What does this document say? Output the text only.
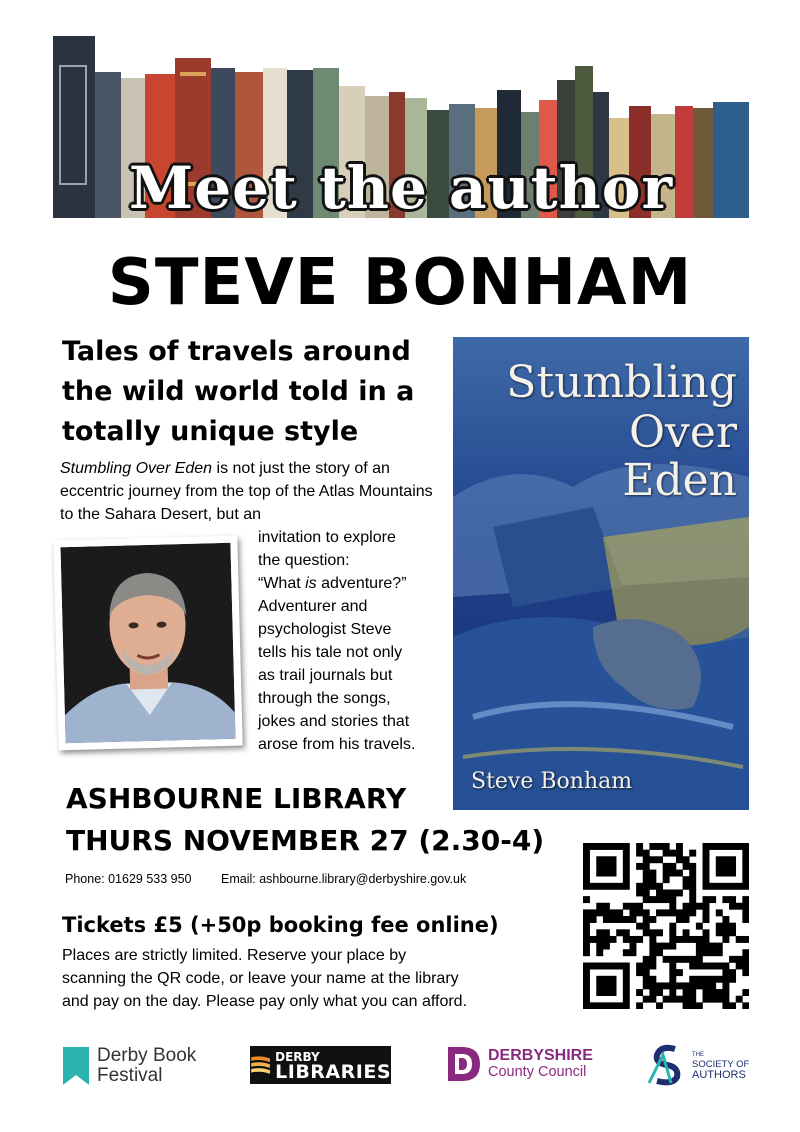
Meet the author
STEVE BONHAM
Tales of travels around
the wild world told in a
totally unique style
Stumbling Over Eden is not just the story of an eccentric journey from the top of the Atlas Mountains to the Sahara Desert, but an
invitation to explore
the question:
“What is adventure?”
Adventurer and
psychologist Steve
tells his tale not only
as trail journals but
through the songs,
jokes and stories that
arose from his travels.
Stumbling
Over
Eden
Steve Bonham
ASHBOURNE LIBRARY
THURS NOVEMBER 27 (2.30-4)
Phone: 01629 533 950 Email: ashbourne.library@derbyshire.gov.uk
Tickets £5 (+50p booking fee online)
Places are strictly limited. Reserve your place by
scanning the QR code, or leave your name at the library
and pay on the day. Please pay only what you can afford.
Derby Book
Festival
DERBY
LIBRARIES
DERBYSHIRE
County Council
THE
SOCIETY OF
AUTHORS
